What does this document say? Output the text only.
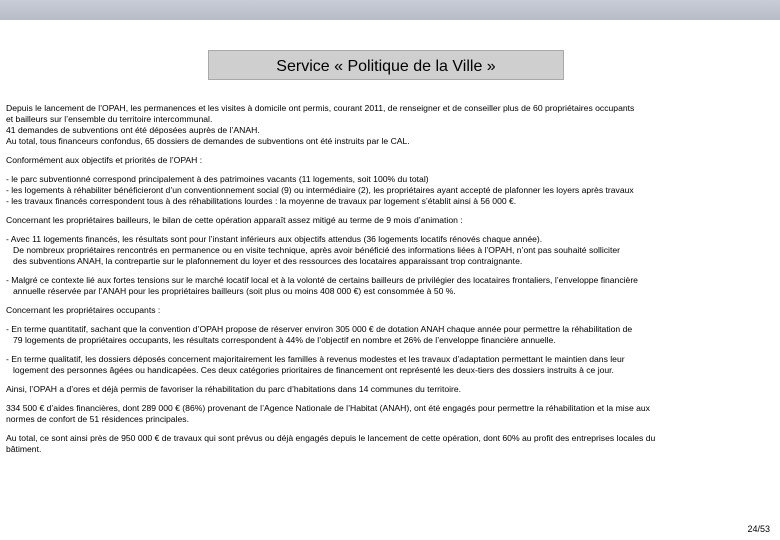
Service « Politique de la Ville »

Depuis le lancement de l’OPAH, les permanences et les visites à domicile ont permis, courant 2011, de renseigner et de conseiller plus de 60 propriétaires occupants
et bailleurs sur l’ensemble du territoire intercommunal.
41 demandes de subventions ont été déposées auprès de l’ANAH.
Au total, tous financeurs confondus, 65 dossiers de demandes de subventions ont été instruits par le CAL.

Conformément aux objectifs et priorités de l’OPAH :

- le parc subventionné correspond principalement à des patrimoines vacants (11 logements, soit 100% du total)
- les logements à réhabiliter bénéficieront d’un conventionnement social (9) ou intermédiaire (2), les propriétaires ayant accepté de plafonner les loyers après travaux
- les travaux financés correspondent tous à des réhabilitations lourdes : la moyenne de travaux par logement s’établit ainsi à 56 000 €.

Concernant les propriétaires bailleurs, le bilan de cette opération apparaît assez mitigé au terme de 9 mois d’animation :

- Avec 11 logements financés, les résultats sont pour l’instant inférieurs aux objectifs attendus (36 logements locatifs rénovés chaque année).

De nombreux propriétaires rencontrés en permanence ou en visite technique, après avoir bénéficié des informations liées à l’OPAH, n’ont pas souhaité solliciter
des subventions ANAH, la contrepartie sur le plafonnement du loyer et des ressources des locataires apparaissant trop contraignante.

- Malgré ce contexte lié aux fortes tensions sur le marché locatif local et à la volonté de certains bailleurs de privilégier des locataires frontaliers, l’enveloppe financière

annuelle réservée par l’ANAH pour les propriétaires bailleurs (soit plus ou moins 408 000 €) est consommée à 50 %.

Concernant les propriétaires occupants :

- En terme quantitatif, sachant que la convention d’OPAH propose de réserver environ 305 000 € de dotation ANAH chaque année pour permettre la réhabilitation de

79 logements de propriétaires occupants, les résultats correspondent à 44% de l’objectif en nombre et 26% de l’enveloppe financière annuelle.

- En terme qualitatif, les dossiers déposés concernent majoritairement les familles à revenus modestes et les travaux d’adaptation permettant le maintien dans leur

logement des personnes âgées ou handicapées. Ces deux catégories prioritaires de financement ont représenté les deux-tiers des dossiers instruits à ce jour.

Ainsi, l’OPAH a d’ores et déjà permis de favoriser la réhabilitation du parc d’habitations dans 14 communes du territoire.

334 500 € d’aides financières, dont 289 000 € (86%) provenant de l’Agence Nationale de l’Habitat (ANAH), ont été engagés pour permettre la réhabilitation et la mise aux
normes de confort de 51 résidences principales.

Au total, ce sont ainsi près de 950 000 € de travaux qui sont prévus ou déjà engagés depuis le lancement de cette opération, dont 60% au profit des entreprises locales du
bâtiment.

24/53
